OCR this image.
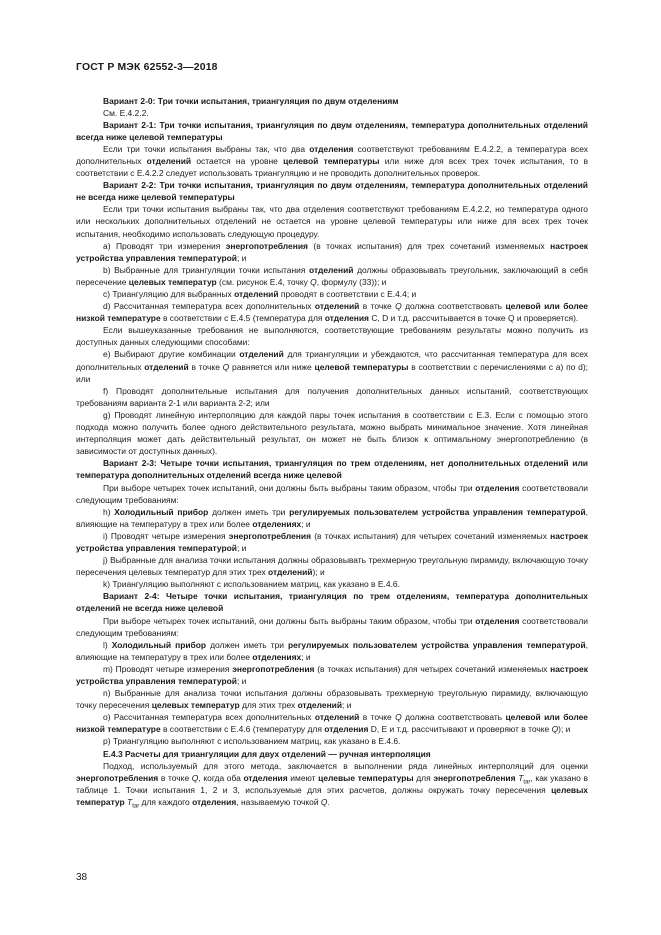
ГОСТ Р МЭК 62552-3—2018

Вариант 2-0: Три точки испытания, триангуляция по двум отделениям

См. Е.4.2.2.

Вариант 2-1: Три точки испытания, триангуляция по двум отделениям, температура дополнительных отделений всегда ниже целевой температуры

Если три точки испытания выбраны так, что два отделения соответствуют требованиям Е.4.2.2, а температура всех дополнительных отделений остается на уровне целевой температуры или ниже для всех трех точек испытания, то в соответствии с Е.4.2.2 следует использовать триангуляцию и не проводить дополнительных проверок.

Вариант 2-2: Три точки испытания, триангуляция по двум отделениям, температура дополнительных отделений не всегда ниже целевой температуры

Если три точки испытания выбраны так, что два отделения соответствуют требованиям Е.4.2.2, но температура одного или нескольких дополнительных отделений не остается на уровне целевой температуры или ниже для всех трех точек испытания, необходимо использовать следующую процедуру.

а) Проводят три измерения энергопотребления (в точках испытания) для трех сочетаний изменяемых настроек устройства управления температурой; и

b) Выбранные для триангуляции точки испытания отделений должны образовывать треугольник, заключающий в себя пересечение целевых температур (см. рисунок Е.4, точку Q, формулу (33)); и

с) Триангуляцию для выбранных отделений проводят в соответствии с Е.4.4; и

d) Рассчитанная температура всех дополнительных отделений в точке Q должна соответствовать целевой или более низкой температуре в соответствии с Е.4.5 (температура для отделения С, D и т.д. рассчитывается в точке Q и проверяется).

Если вышеуказанные требования не выполняются, соответствующие требованиям результаты можно получить из доступных данных следующими способами:

е) Выбирают другие комбинации отделений для триангуляции и убеждаются, что рассчитанная температура для всех дополнительных отделений в точке Q равняется или ниже целевой температуры в соответствии с перечислениями с а) по d); или

f) Проводят дополнительные испытания для получения дополнительных данных испытаний, соответствующих требованиям варианта 2-1 или варианта 2-2; или

g) Проводят линейную интерполяцию для каждой пары точек испытания в соответствии с Е.3. Если с помощью этого подхода можно получить более одного действительного результата, можно выбрать минимальное значение. Хотя линейная интерполяция может дать действительный результат, он может не быть близок к оптимальному энергопотреблению (в зависимости от доступных данных).

Вариант 2-3: Четыре точки испытания, триангуляция по трем отделениям, нет дополнительных отделений или температура дополнительных отделений всегда ниже целевой

При выборе четырех точек испытаний, они должны быть выбраны таким образом, чтобы три отделения соответствовали следующим требованиям:

h) Холодильный прибор должен иметь три регулируемых пользователем устройства управления температурой, влияющие на температуру в трех или более отделениях; и

i) Проводят четыре измерения энергопотребления (в точках испытания) для четырех сочетаний изменяемых настроек устройства управления температурой; и

j) Выбранные для анализа точки испытания должны образовывать трехмерную треугольную пирамиду, включающую точку пересечения целевых температур для этих трех отделений); и

k) Триангуляцию выполняют с использованием матриц, как указано в Е.4.6.

Вариант 2-4: Четыре точки испытания, триангуляция по трем отделениям, температура дополнительных отделений не всегда ниже целевой

При выборе четырех точек испытаний, они должны быть выбраны таким образом, чтобы три отделения соответствовали следующим требованиям:

l) Холодильный прибор должен иметь три регулируемых пользователем устройства управления температурой, влияющие на температуру в трех или более отделениях; и

m) Проводят четыре измерения энергопотребления (в точках испытания) для четырех сочетаний изменяемых настроек устройства управления температурой; и

n) Выбранные для анализа точки испытания должны образовывать трехмерную треугольную пирамиду, включающую точку пересечения целевых температур для этих трех отделений; и

о) Рассчитанная температура всех дополнительных отделений в точке Q должна соответствовать целевой или более низкой температуре в соответствии с Е.4.6 (температуру для отделения D, Е и т.д. рассчитывают и проверяют в точке Q); и

р) Триангуляцию выполняют с использованием матриц, как указано в Е.4.6.

Е.4.3 Расчеты для триангуляции для двух отделений — ручная интерполяция

Подход, используемый для этого метода, заключается в выполнении ряда линейных интерполяций для оценки энергопотребления в точке Q, когда оба отделения имеют целевые температуры для энергопотребления $T_{tar}$, как указано в таблице 1. Точки испытания 1, 2 и 3, используемые для этих расчетов, должны окружать точку пересечения целевых температур $T_{tar}$ для каждого отделения, называемую точкой Q.

38
